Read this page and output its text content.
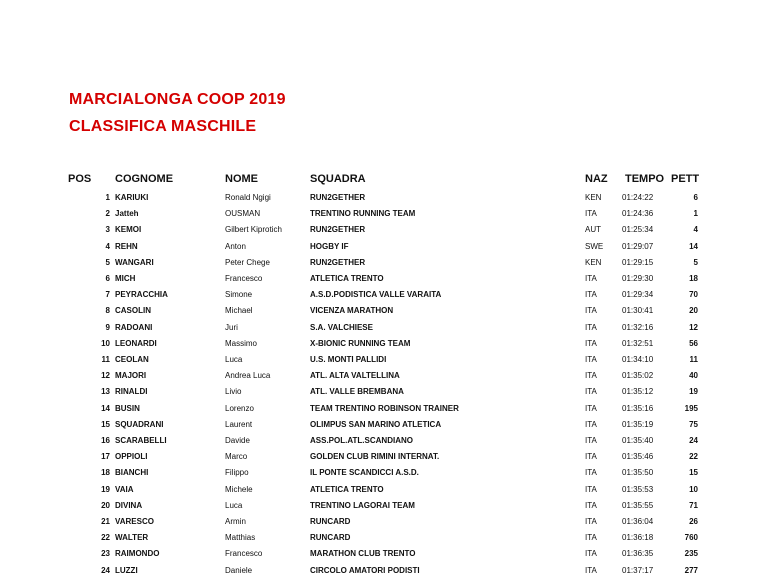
MARCIALONGA COOP 2019
CLASSIFICA MASCHILE
POS COGNOME	NOME	SQUADRA	NAZ TEMPO PETT
1 KARIUKI	Ronald Ngigi	RUN2GETHER	KEN	01:24:22	6
2 Jatteh	OUSMAN	TRENTINO RUNNING TEAM	ITA	01:24:36	1
3 KEMOI	Gilbert Kiprotich	RUN2GETHER	AUT	01:25:34	4
4 REHN	Anton	HOGBY IF	SWE 01:29:07	14
5 WANGARI	Peter Chege	RUN2GETHER	KEN	01:29:15	5
6 MICH	Francesco	ATLETICA TRENTO	ITA	01:29:30	18
7 PEYRACCHIA	Simone	A.S.D.PODISTICA VALLE VARAITA	ITA	01:29:34	70
8 CASOLIN	Michael	VICENZA MARATHON	ITA	01:30:41	20
9 RADOANI	Juri	S.A. VALCHIESE	ITA	01:32:16	12
10 LEONARDI	Massimo	X-BIONIC RUNNING TEAM	ITA	01:32:51	56
11 CEOLAN	Luca	U.S. MONTI PALLIDI	ITA	01:34:10	11
12 MAJORI	Andrea Luca	ATL. ALTA VALTELLINA	ITA	01:35:02	40
13 RINALDI	Livio	ATL. VALLE BREMBANA	ITA	01:35:12	19
14 BUSIN	Lorenzo	TEAM TRENTINO ROBINSON TRAINER	ITA	01:35:16	195
15 SQUADRANI	Laurent	OLIMPUS SAN MARINO ATLETICA	ITA	01:35:19	75
16 SCARABELLI	Davide	ASS.POL.ATL.SCANDIANO	ITA	01:35:40	24
17 OPPIOLI	Marco	GOLDEN CLUB RIMINI INTERNAT.	ITA	01:35:46	22
18 BIANCHI	Filippo	IL PONTE SCANDICCI A.S.D.	ITA	01:35:50	15
19 VAIA	Michele	ATLETICA TRENTO	ITA	01:35:53	10
20 DIVINA	Luca	TRENTINO LAGORAI TEAM	ITA	01:35:55	71
21 VARESCO	Armin	RUNCARD	ITA	01:36:04	26
22 WALTER	Matthias	RUNCARD	ITA	01:36:18	760
23 RAIMONDO	Francesco	MARATHON CLUB TRENTO	ITA	01:36:35	235
24 LUZZI	Daniele	CIRCOLO AMATORI PODISTI	ITA	01:37:17	277
